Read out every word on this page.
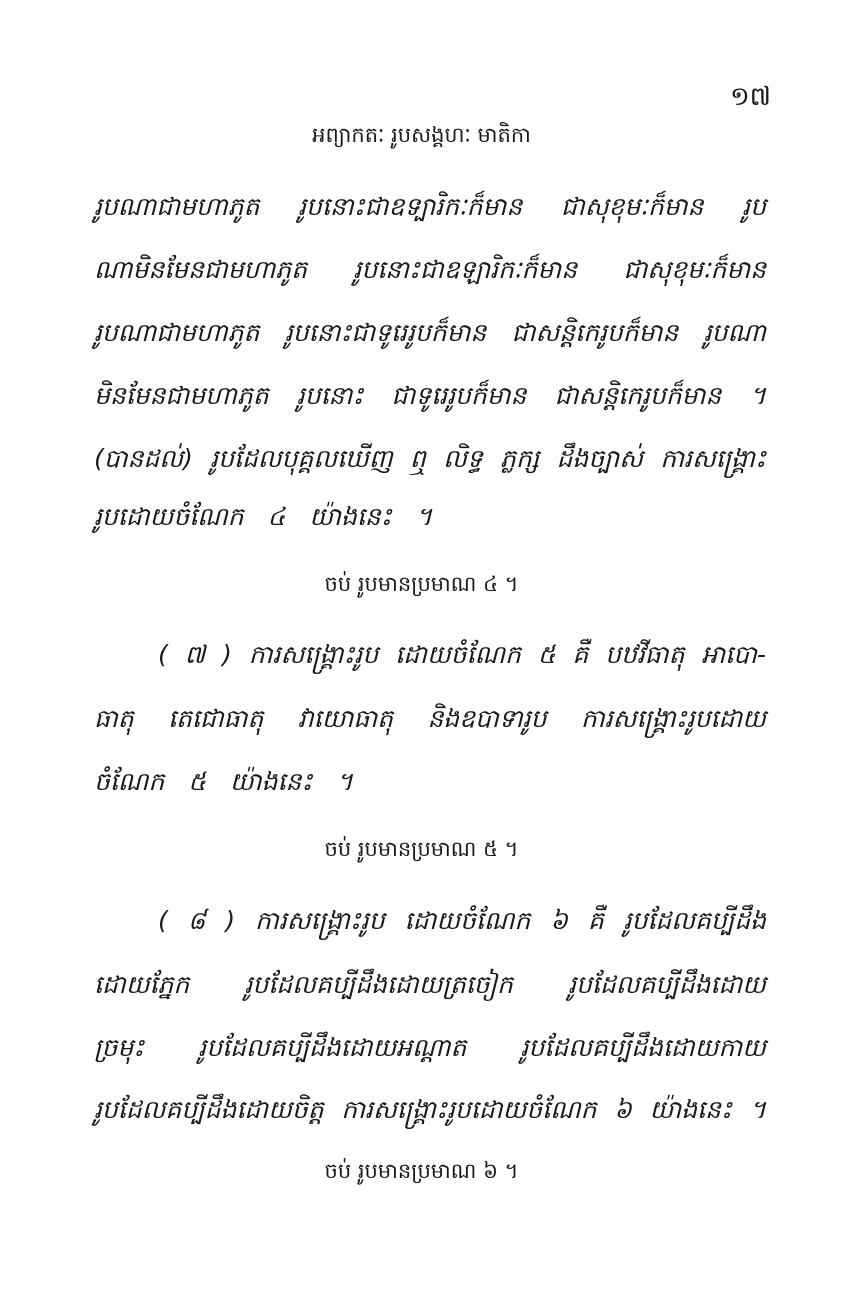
១៧
អព្យាកតៈ រូបសង្គហៈ មាតិកា
រូបណាជាមហាភូត រូបនោះជាឧទ្បារិកៈក៏មាន ជាសុខុមៈក៏មាន រូប
ណាមិនមែនជាមហាភូត រូបនោះជាឧឡារិកៈក៏មាន ជាសុខុមៈក៏មាន
រូបណាជាមហាភូត រូបនោះជាទូរេរូបក៏មាន ជាសន្តិកេរូបក៏មាន រូបណា
មិនមែនជាមហាភូត រូបនោះ ជាទូរេរូបក៏មាន ជាសន្តិកេរូបក៏មាន ។
(បានដល់) រូបដែលបុគ្គលឃើញ ឮ លិទ្ធ ភ្លក្ស ដឹងច្បាស់ ការសង្គ្រោះ
រូបដោយចំណែក ៤ យ៉ាងនេះ ។
ចប់ រូបមានប្រមាណ ៤ ។
( ៧ ) ការសង្គ្រោះរូប ដោយចំណែក ៥ គឺ បឋវីធាតុ អាបោ-
ធាតុ តេជោធាតុ វាយោធាតុ និងឧបាទារូប ការសង្គ្រោះរូបដោយ
ចំណែក ៥ យ៉ាងនេះ ។
ចប់ រូបមានប្រមាណ ៥ ។
( ៨ ) ការសង្គ្រោះរូប ដោយចំណែក ៦ គឺ រូបដែលគប្បីដឹង
ដោយភ្នែក រូបដែលគប្បីដឹងដោយត្រចៀក រូបដែលគប្បីដឹងដោយ
ច្រមុះ រូបដែលគប្បីដឹងដោយអណ្តាត រូបដែលគប្បីដឹងដោយកាយ
រូបដែលគប្បីដឹងដោយចិត្ត ការសង្គ្រោះរូបដោយចំណែក ៦ យ៉ាងនេះ ។
ចប់ រូបមានប្រមាណ ៦ ។
